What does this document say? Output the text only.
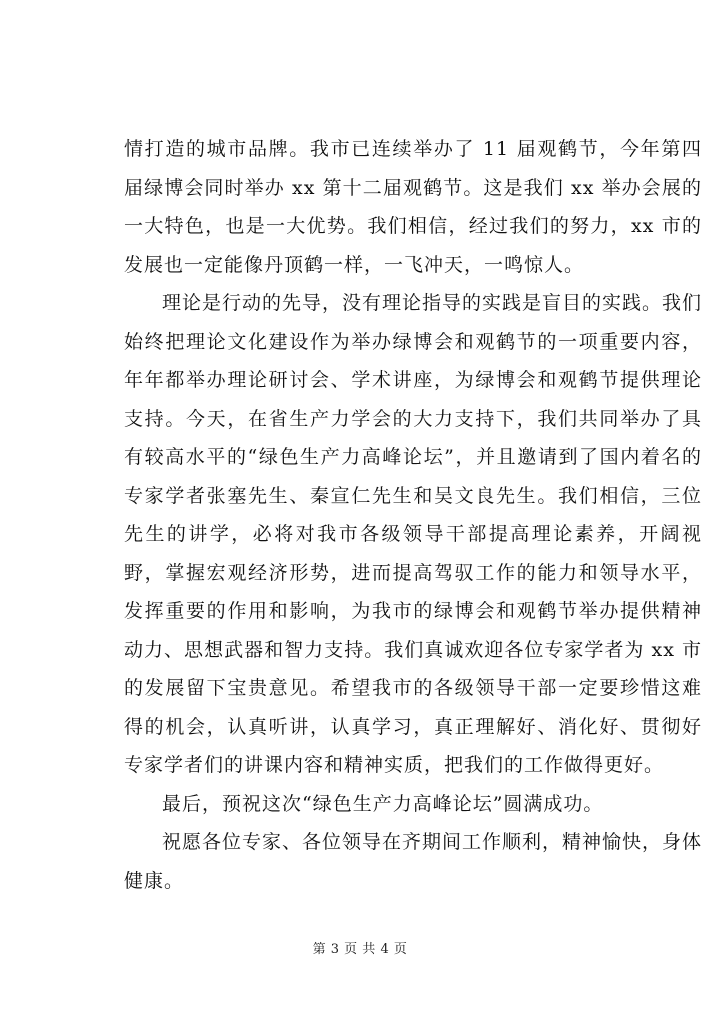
情打造的城市品牌。我市已连续举办了 11 届观鹤节，今年第四届绿博会同时举办 xx 第十二届观鹤节。这是我们 xx 举办会展的一大特色，也是一大优势。我们相信，经过我们的努力，xx 市的发展也一定能像丹顶鹤一样，一飞冲天，一鸣惊人。

理论是行动的先导，没有理论指导的实践是盲目的实践。我们始终把理论文化建设作为举办绿博会和观鹤节的一项重要内容，年年都举办理论研讨会、学术讲座，为绿博会和观鹤节提供理论支持。今天，在省生产力学会的大力支持下，我们共同举办了具有较高水平的“绿色生产力高峰论坛”，并且邀请到了国内着名的专家学者张塞先生、秦宣仁先生和吴文良先生。我们相信，三位先生的讲学，必将对我市各级领导干部提高理论素养，开阔视野，掌握宏观经济形势，进而提高驾驭工作的能力和领导水平，发挥重要的作用和影响，为我市的绿博会和观鹤节举办提供精神动力、思想武器和智力支持。我们真诚欢迎各位专家学者为 xx 市的发展留下宝贵意见。希望我市的各级领导干部一定要珍惜这难得的机会，认真听讲，认真学习，真正理解好、消化好、贯彻好专家学者们的讲课内容和精神实质，把我们的工作做得更好。

最后，预祝这次“绿色生产力高峰论坛”圆满成功。

祝愿各位专家、各位领导在齐期间工作顺利，精神愉快，身体健康。

第 3 页 共 4 页
